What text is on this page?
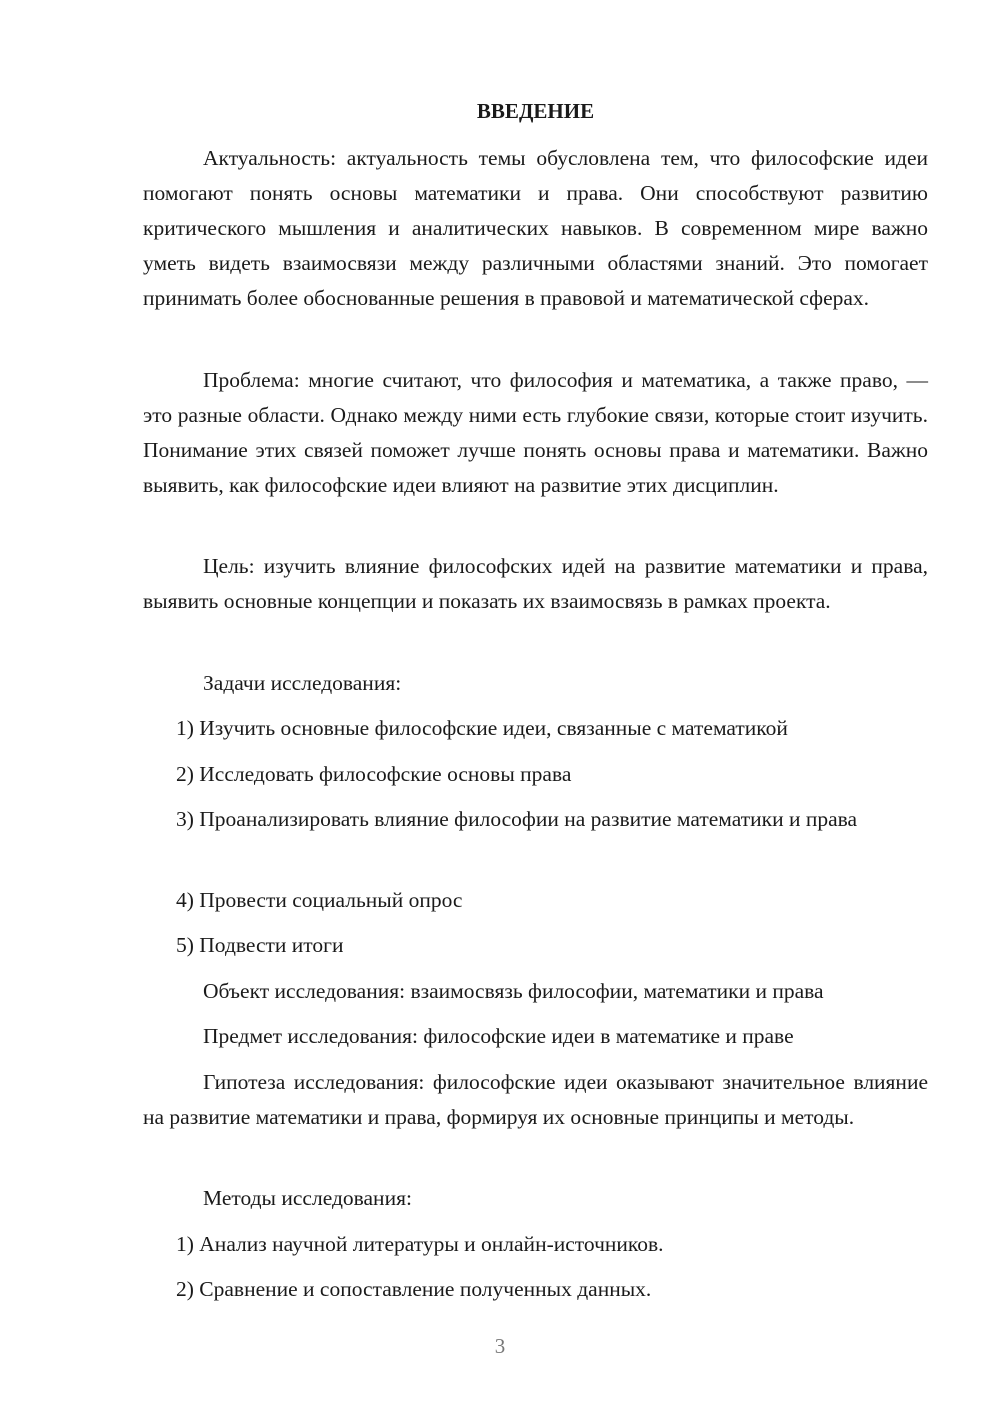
ВВЕДЕНИЕ

Актуальность: актуальность темы обусловлена тем, что философские идеи помогают понять основы математики и права. Они способствуют развитию критического мышления и аналитических навыков. В современном мире важно уметь видеть взаимосвязи между различными областями знаний. Это помогает принимать более обоснованные решения в правовой и математической сферах.

Проблема: многие считают, что философия и математика, а также право, — это разные области. Однако между ними есть глубокие связи, которые стоит изучить. Понимание этих связей поможет лучше понять основы права и математики. Важно выявить, как философские идеи влияют на развитие этих дисциплин.

Цель: изучить влияние философских идей на развитие математики и права, выявить основные концепции и показать их взаимосвязь в рамках проекта.

Задачи исследования:

1) Изучить основные философские идеи, связанные с математикой

2) Исследовать философские основы права

3) Проанализировать влияние философии на развитие математики и права

4) Провести социальный опрос

5) Подвести итоги

Объект исследования: взаимосвязь философии, математики и права

Предмет исследования: философские идеи в математике и праве

Гипотеза исследования: философские идеи оказывают значительное влияние на развитие математики и права, формируя их основные принципы и методы.

Методы исследования:

1) Анализ научной литературы и онлайн-источников.

2) Сравнение и сопоставление полученных данных.

3
